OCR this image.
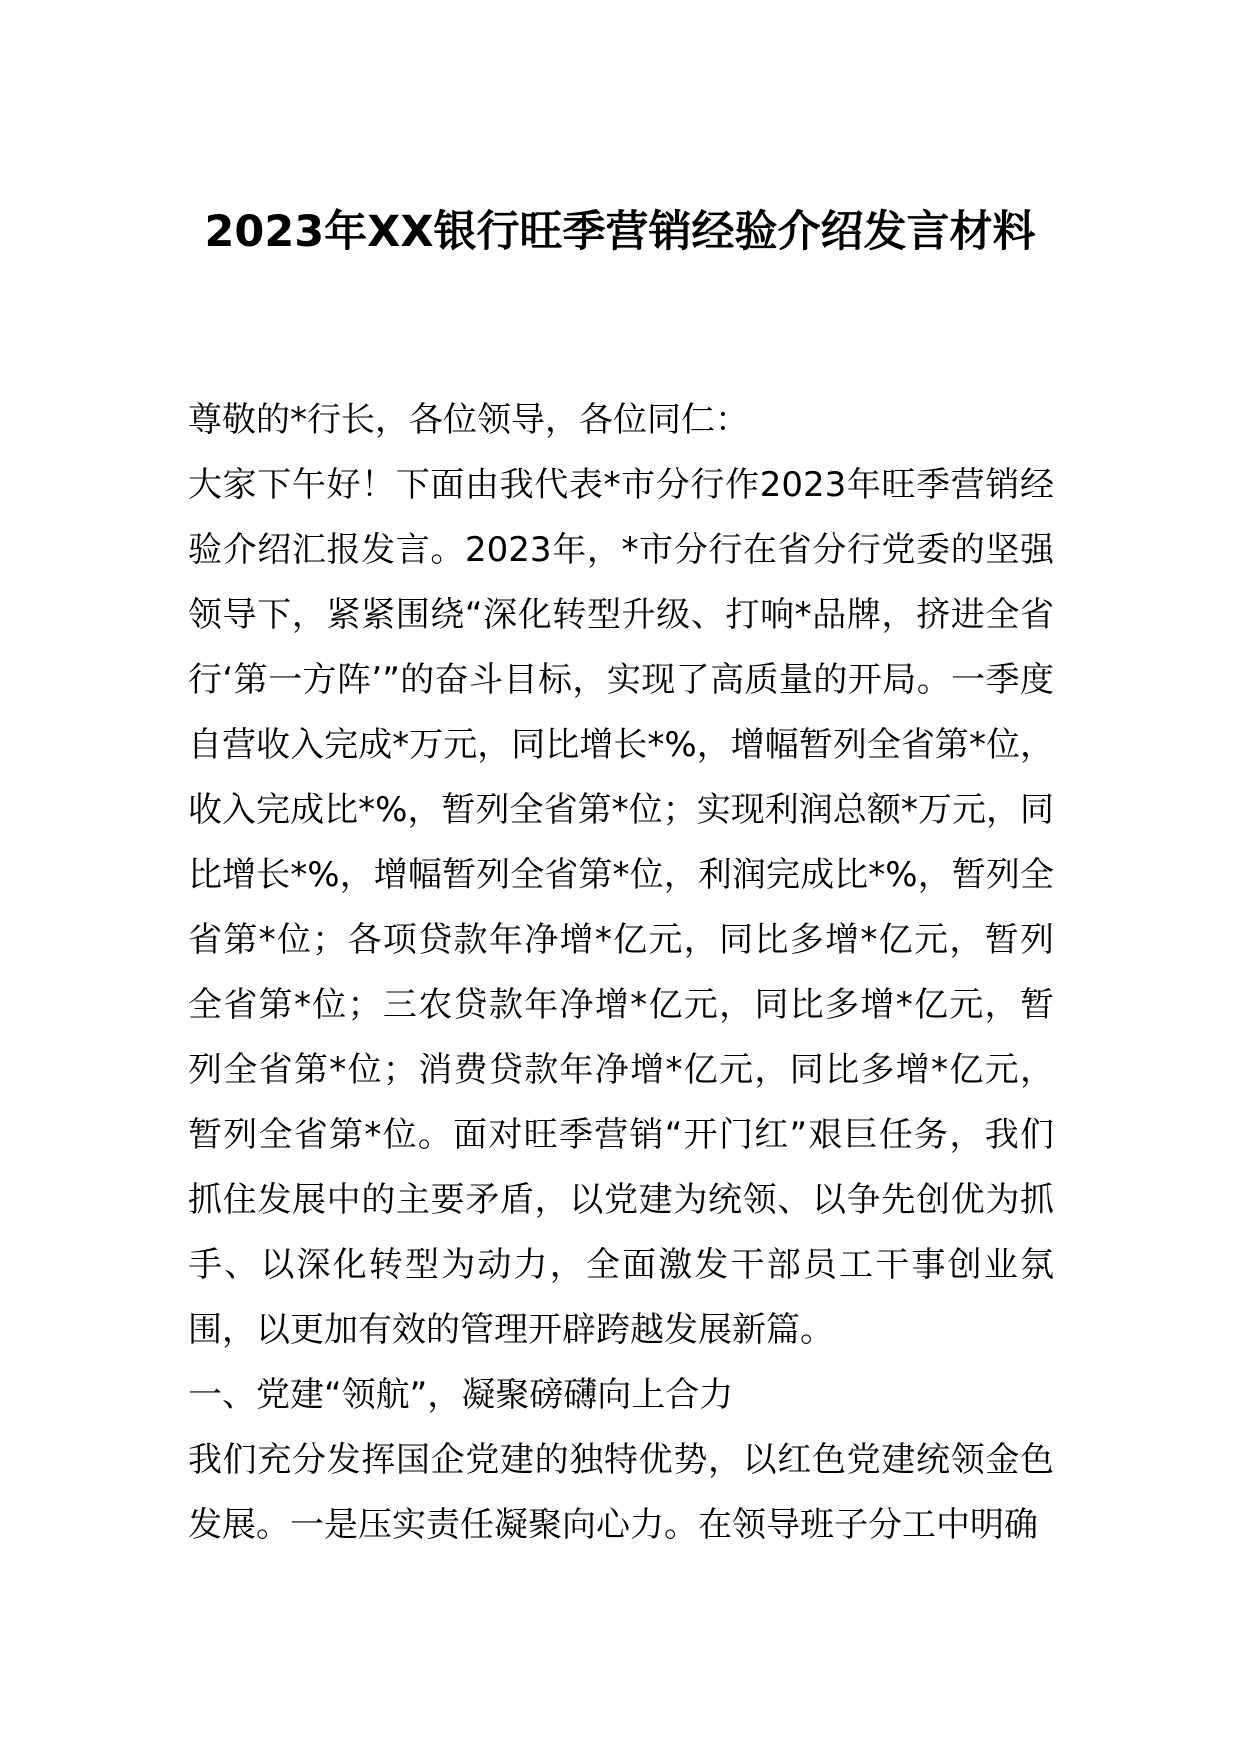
2023年XX银行旺季营销经验介绍发言材料

尊敬的*行长，各位领导，各位同仁：

大家下午好！下面由我代表*市分行作2023年旺季营销经验介绍汇报发言。2023年，*市分行在省分行党委的坚强领导下，紧紧围绕“深化转型升级、打响*品牌，挤进全省行‘第一方阵’”的奋斗目标，实现了高质量的开局。一季度自营收入完成*万元，同比增长*%，增幅暂列全省第*位，收入完成比*%，暂列全省第*位；实现利润总额*万元，同比增长*%，增幅暂列全省第*位，利润完成比*%，暂列全省第*位；各项贷款年净增*亿元，同比多增*亿元，暂列全省第*位；三农贷款年净增*亿元，同比多增*亿元，暂列全省第*位；消费贷款年净增*亿元，同比多增*亿元，暂列全省第*位。面对旺季营销“开门红”艰巨任务，我们抓住发展中的主要矛盾，以党建为统领、以争先创优为抓手、以深化转型为动力，全面激发干部员工干事创业氛围，以更加有效的管理开辟跨越发展新篇。

一、党建“领航”，凝聚磅礴向上合力

我们充分发挥国企党建的独特优势，以红色党建统领金色发展。一是压实责任凝聚向心力。在领导班子分工中明确
